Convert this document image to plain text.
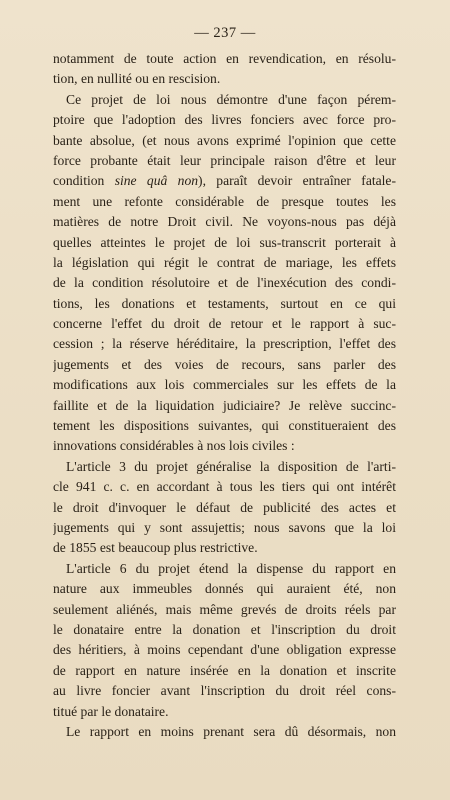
— 237 —
notamment de toute action en revendication, en résolu-
tion, en nullité ou en rescision.
Ce projet de loi nous démontre d'une façon pérem-
ptoire que l'adoption des livres fonciers avec force pro-
bante absolue, (et nous avons exprimé l'opinion que cette
force probante était leur principale raison d'être et leur
condition sine quâ non), paraît devoir entraîner fatale-
ment une refonte considérable de presque toutes les
matières de notre Droit civil. Ne voyons-nous pas déjà
quelles atteintes le projet de loi sus-transcrit porterait à
la législation qui régit le contrat de mariage, les effets
de la condition résolutoire et de l'inexécution des condi-
tions, les donations et testaments, surtout en ce qui
concerne l'effet du droit de retour et le rapport à suc-
cession ; la réserve héréditaire, la prescription, l'effet des
jugements et des voies de recours, sans parler des
modifications aux lois commerciales sur les effets de la
faillite et de la liquidation judiciaire? Je relève succinc-
tement les dispositions suivantes, qui constitueraient des
innovations considérables à nos lois civiles :
L'article 3 du projet généralise la disposition de l'arti-
cle 941 c. c. en accordant à tous les tiers qui ont intérêt
le droit d'invoquer le défaut de publicité des actes et
jugements qui y sont assujettis; nous savons que la loi
de 1855 est beaucoup plus restrictive.
L'article 6 du projet étend la dispense du rapport en
nature aux immeubles donnés qui auraient été, non
seulement aliénés, mais même grevés de droits réels par
le donataire entre la donation et l'inscription du droit
des héritiers, à moins cependant d'une obligation expresse
de rapport en nature insérée en la donation et inscrite
au livre foncier avant l'inscription du droit réel cons-
titué par le donataire.
Le rapport en moins prenant sera dû désormais, non
